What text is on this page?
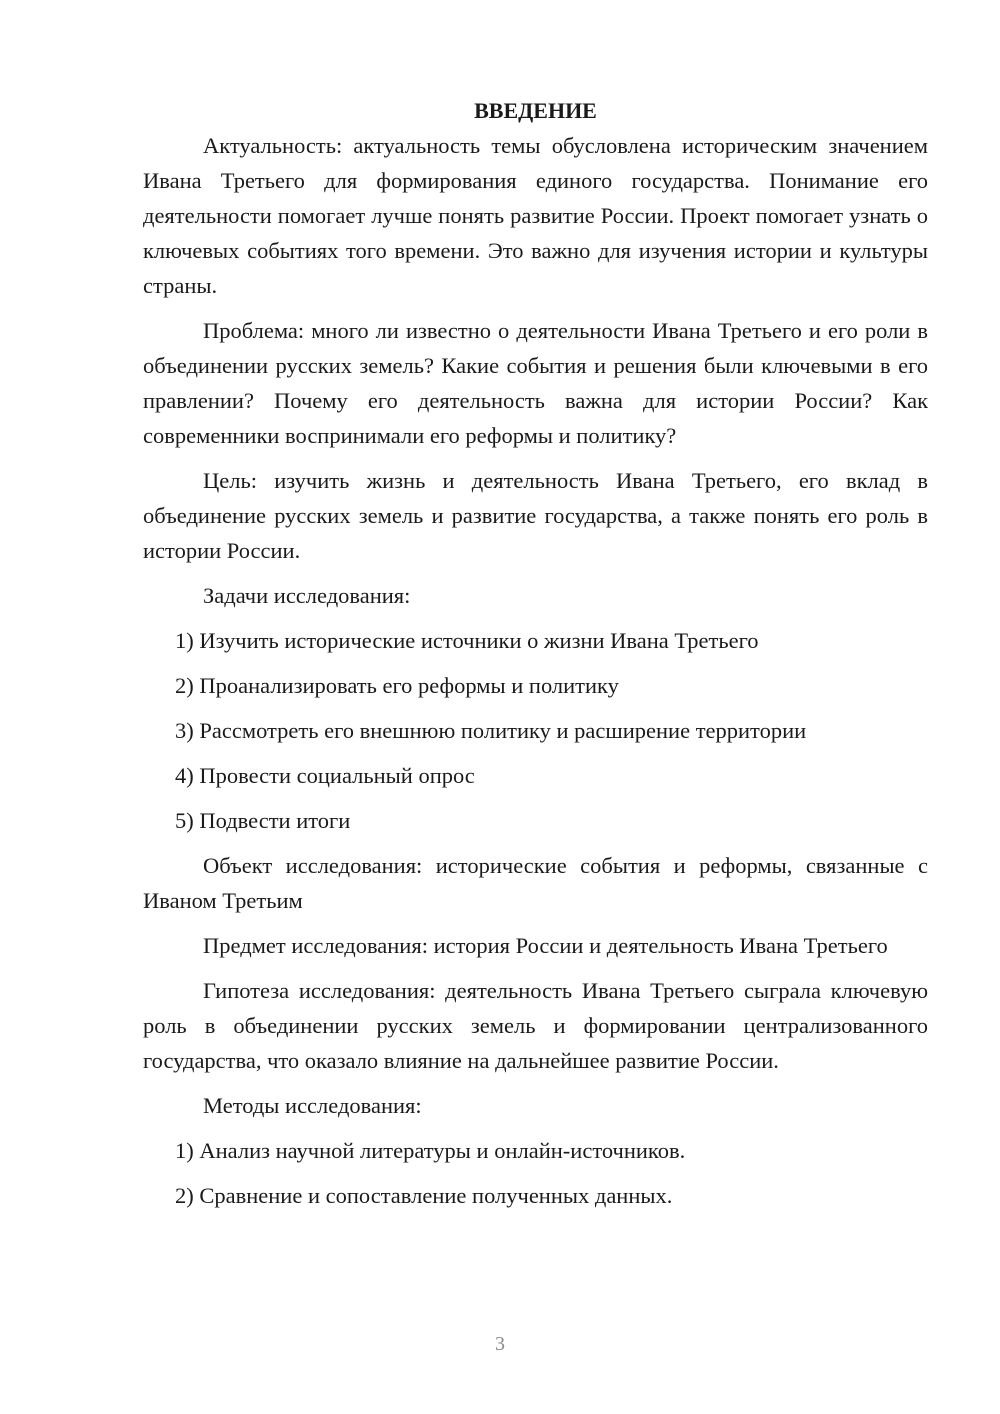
ВВЕДЕНИЕ

Актуальность: актуальность темы обусловлена историческим значением Ивана Третьего для формирования единого государства. Понимание его деятельности помогает лучше понять развитие России. Проект помогает узнать о ключевых событиях того времени. Это важно для изучения истории и культуры страны.

Проблема: много ли известно о деятельности Ивана Третьего и его роли в объединении русских земель? Какие события и решения были ключевыми в его правлении? Почему его деятельность важна для истории России? Как современники воспринимали его реформы и политику?

Цель: изучить жизнь и деятельность Ивана Третьего, его вклад в объединение русских земель и развитие государства, а также понять его роль в истории России.

Задачи исследования:

1) Изучить исторические источники о жизни Ивана Третьего

2) Проанализировать его реформы и политику

3) Рассмотреть его внешнюю политику и расширение территории

4) Провести социальный опрос

5) Подвести итоги

Объект исследования: исторические события и реформы, связанные с Иваном Третьим

Предмет исследования: история России и деятельность Ивана Третьего

Гипотеза исследования: деятельность Ивана Третьего сыграла ключевую роль в объединении русских земель и формировании централизованного государства, что оказало влияние на дальнейшее развитие России.

Методы исследования:

1) Анализ научной литературы и онлайн-источников.

2) Сравнение и сопоставление полученных данных.

3
